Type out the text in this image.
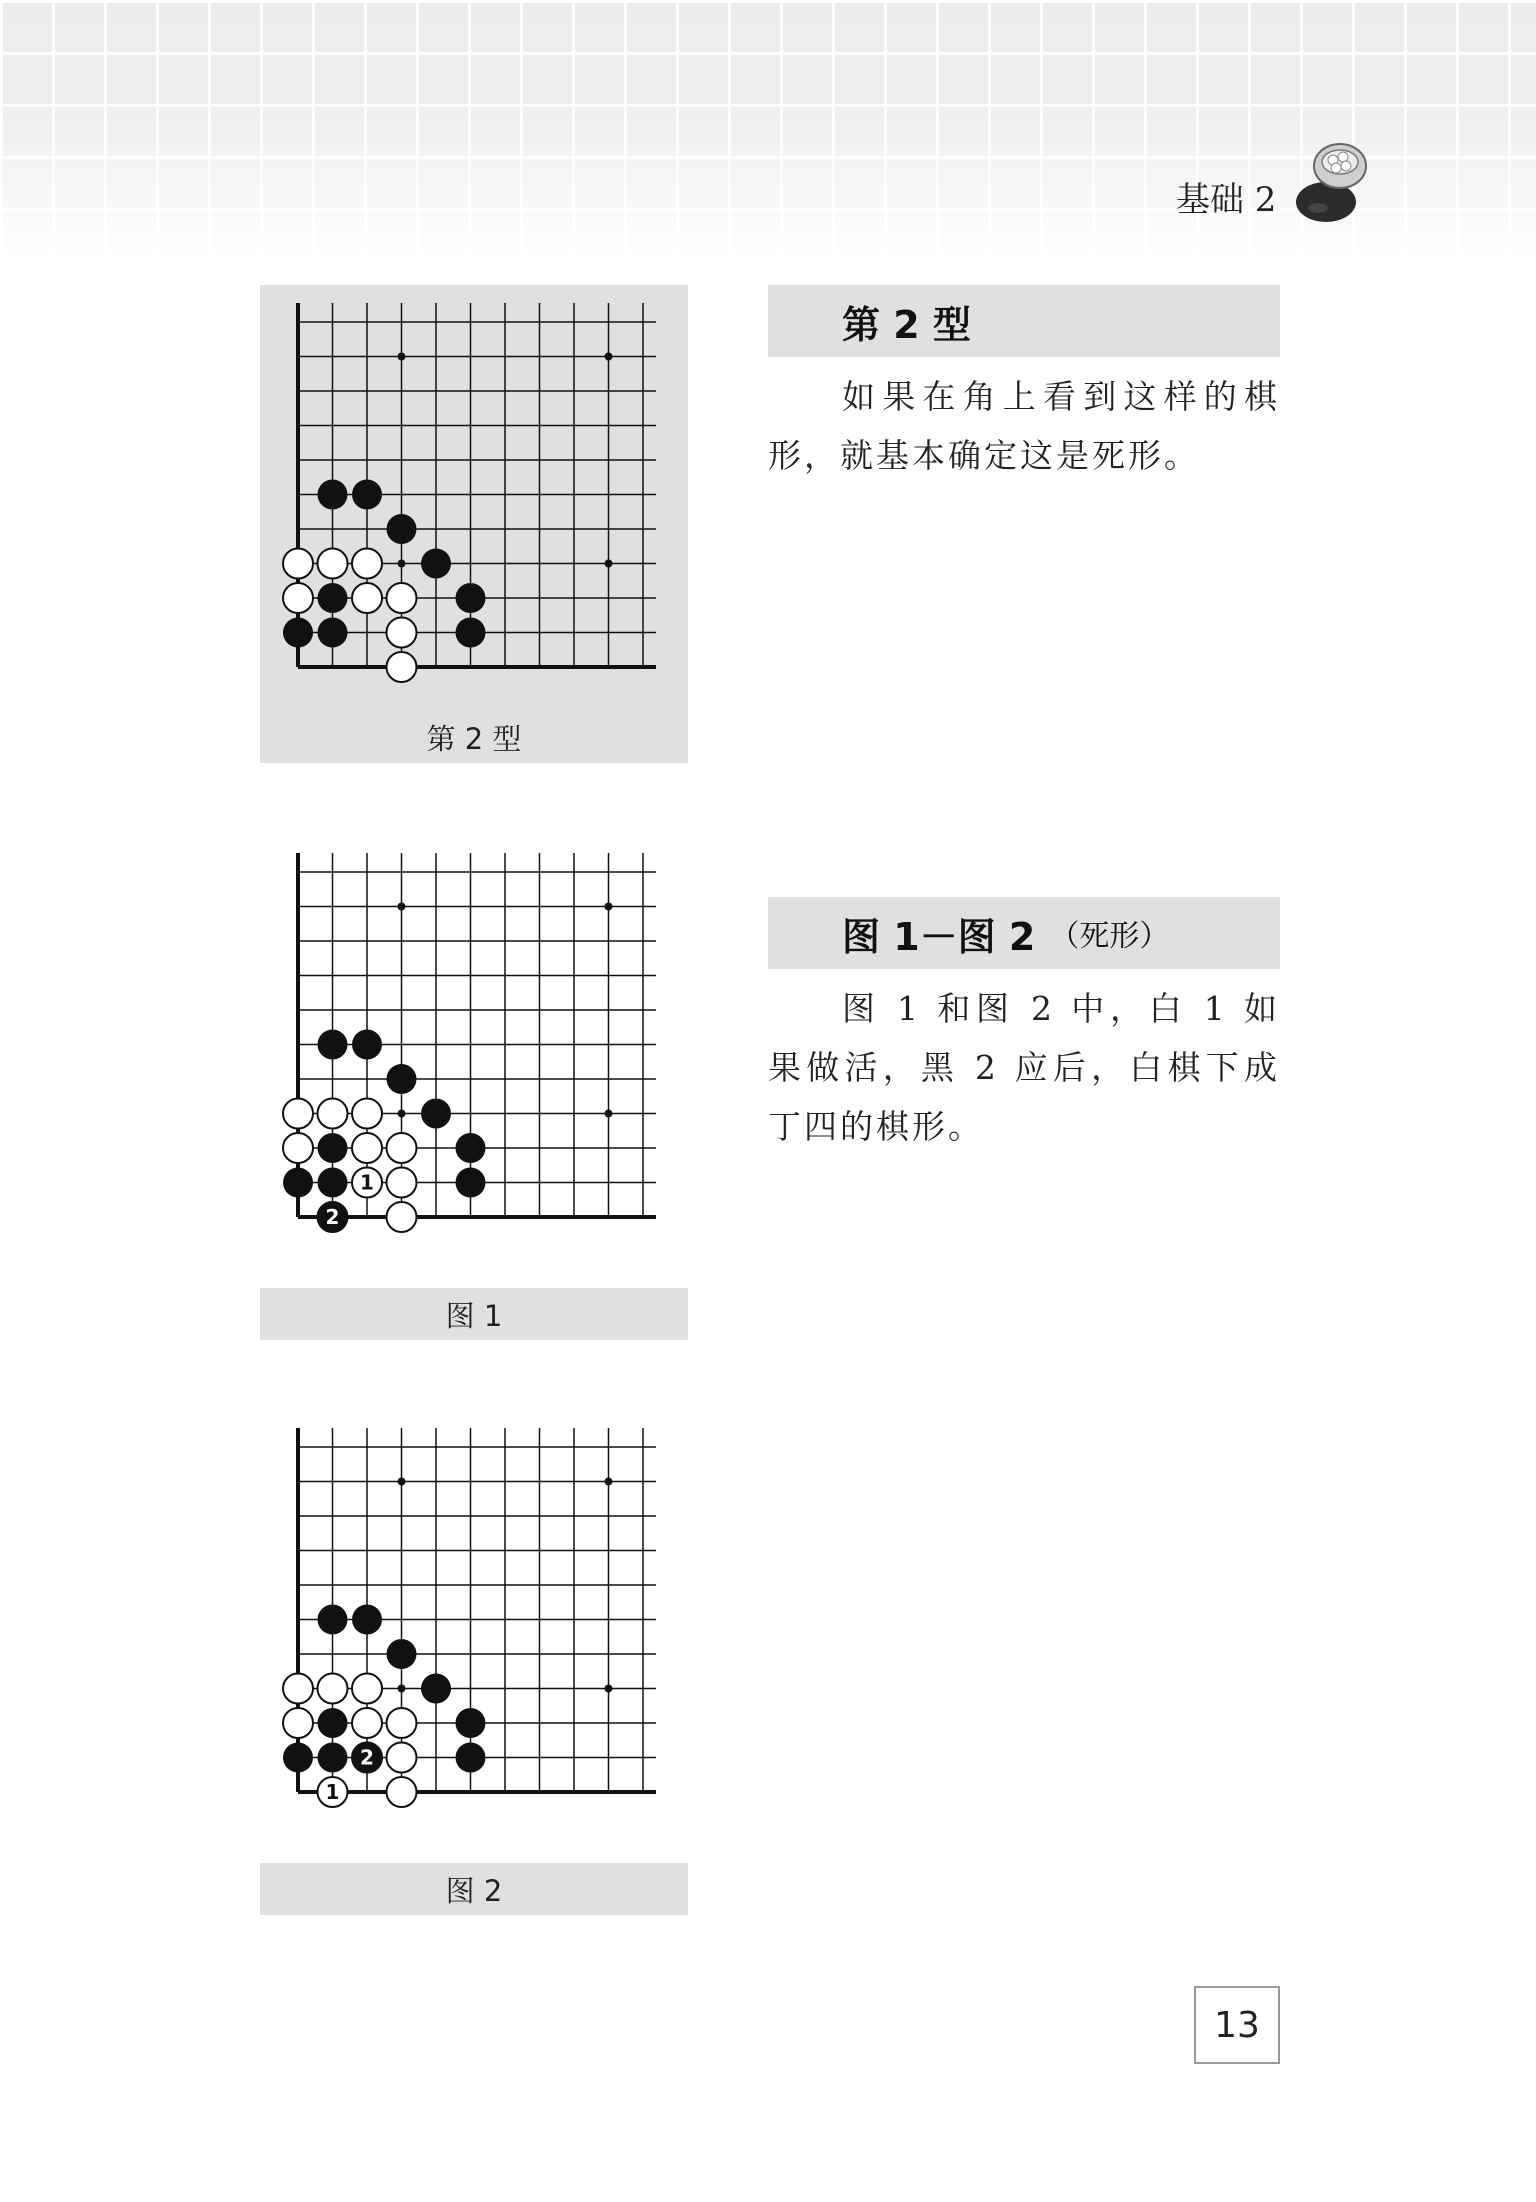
基础 2
第 2 型
第 2 型

如果在角上看到这样的棋形，就基本确定这是死形。

1
2
图 1
图 1－图 2 （死形）

图 1 和图 2 中，白 1 如果做活，黑 2 应后，白棋下成丁四的棋形。

1
2
图 2
13
